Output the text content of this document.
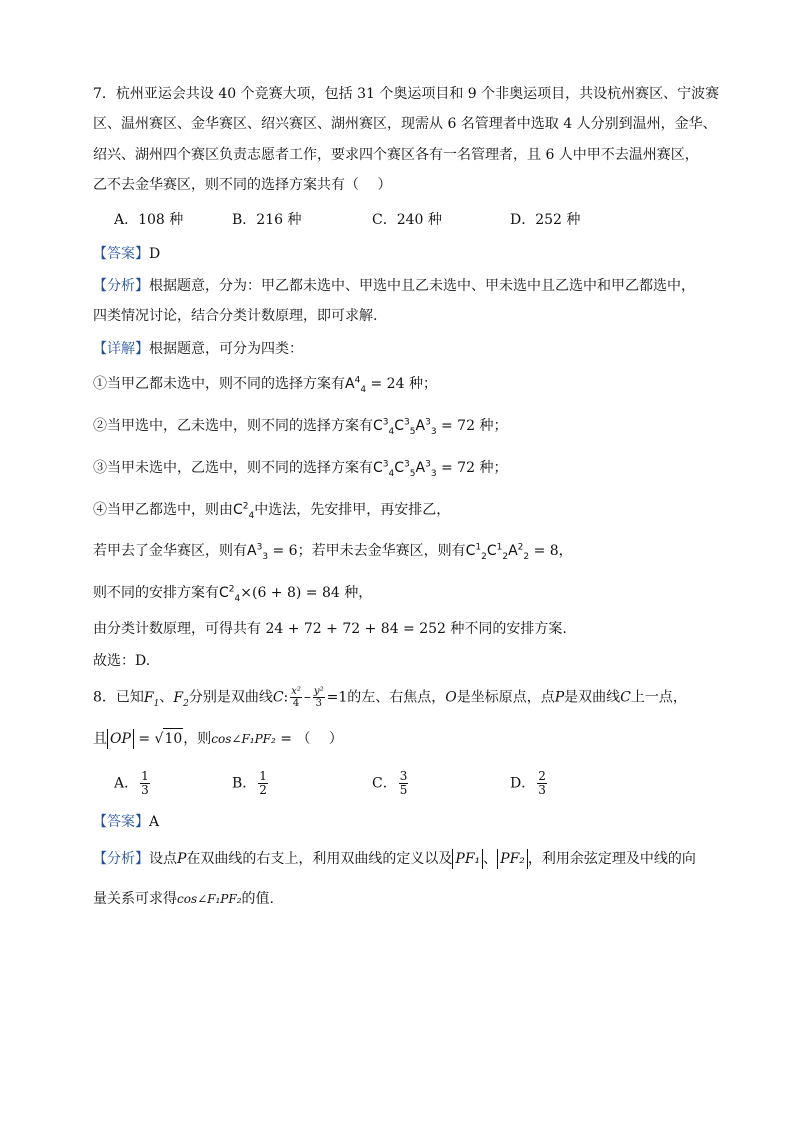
7．杭州亚运会共设 40 个竞赛大项，包括 31 个奥运项目和 9 个非奥运项目，共设杭州赛区、宁波赛
区、温州赛区、金华赛区、绍兴赛区、湖州赛区，现需从 6 名管理者中选取 4 人分别到温州，金华、
绍兴、湖州四个赛区负责志愿者工作，要求四个赛区各有一名管理者，且 6 人中甲不去温州赛区，
乙不去金华赛区，则不同的选择方案共有（　 ）
A．108 种	B．216 种	C．240 种	D．252 种
【答案】D
【分析】根据题意，分为：甲乙都未选中、甲选中且乙未选中、甲未选中且乙选中和甲乙都选中，
四类情况讨论，结合分类计数原理，即可求解.
【详解】根据题意，可分为四类：
①当甲乙都未选中，则不同的选择方案有$A^4_4 = 24$ 种；
②当甲选中，乙未选中，则不同的选择方案有$C^3_4C^3_5A^3_3 = 72$ 种；
③当甲未选中，乙选中，则不同的选择方案有$C^3_4C^3_5A^3_3 = 72$ 种；
④当甲乙都选中，则由$C^2_4$中选法，先安排甲，再安排乙，
若甲去了金华赛区，则有$A^3_3 = 6$；若甲未去金华赛区，则有$C^1_2C^1_2A^2_2 = 8$，
则不同的安排方案有$C^2_4\times(6 + 8) = 84$ 种，
由分类计数原理，可得共有 24 + 72 + 72 + 84 = 252 种不同的安排方案.
故选：D.
8．已知$F_1$、$F_2$分别是双曲线C: $\frac{\text{x²}}{4} - \frac{\text{y²}}{3} =1$的左、右焦点，O是坐标原点，点P是双曲线C上一点，
且 OP = √10，则cos∠F₁PF₂ = （　 ）
A． $\frac{1}{3}$	B． $\frac{1}{2}$	C． $\frac{3}{5}$	D． $\frac{2}{3}$
【答案】A
【分析】设点P在双曲线的右支上，利用双曲线的定义以及 PF₁ 、 PF₂ ，利用余弦定理及中线的向
量关系可求得cos∠F₁PF₂的值.
